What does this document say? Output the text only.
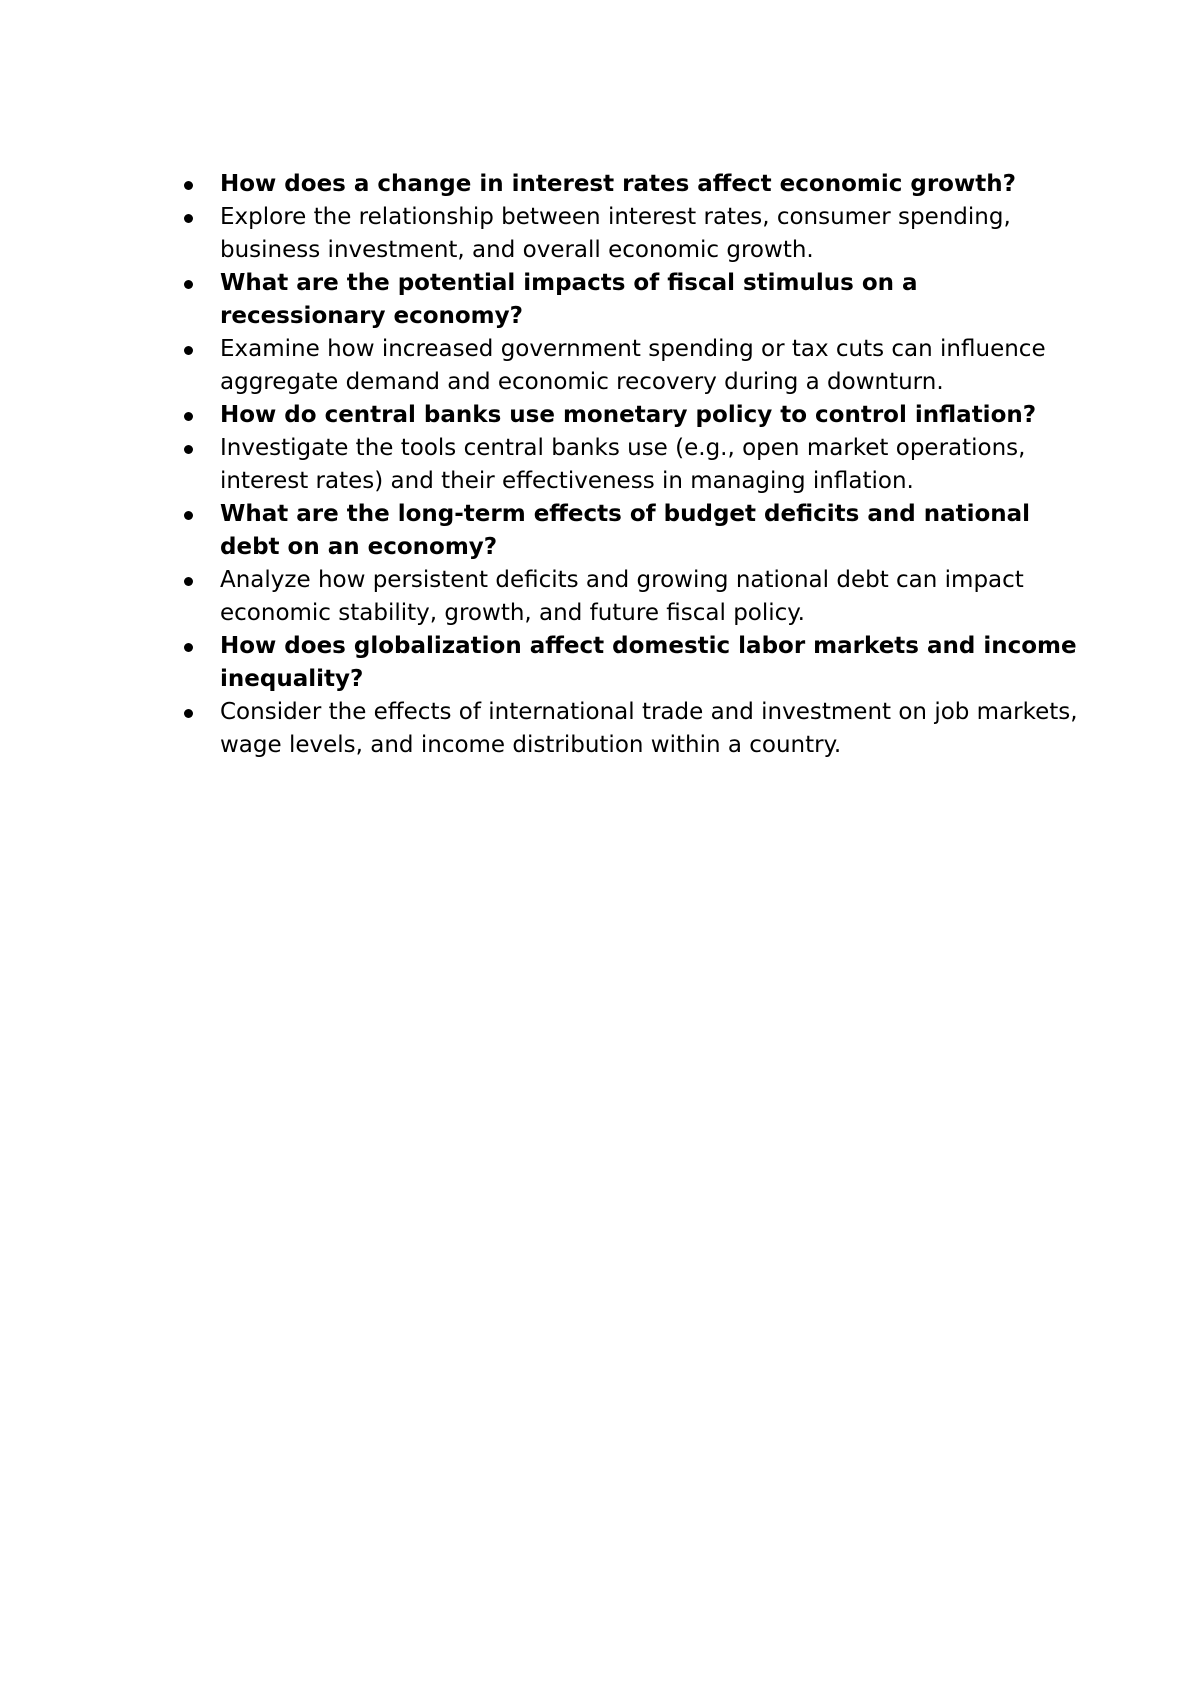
How does a change in interest rates affect economic growth?
Explore the relationship between interest rates, consumer spending, business investment, and overall economic growth.
What are the potential impacts of fiscal stimulus on a recessionary economy?
Examine how increased government spending or tax cuts can influence aggregate demand and economic recovery during a downturn.
How do central banks use monetary policy to control inflation?
Investigate the tools central banks use (e.g., open market operations, interest rates) and their effectiveness in managing inflation.
What are the long-term effects of budget deficits and national debt on an economy?
Analyze how persistent deficits and growing national debt can impact economic stability, growth, and future fiscal policy.
How does globalization affect domestic labor markets and income inequality?
Consider the effects of international trade and investment on job markets, wage levels, and income distribution within a country.
